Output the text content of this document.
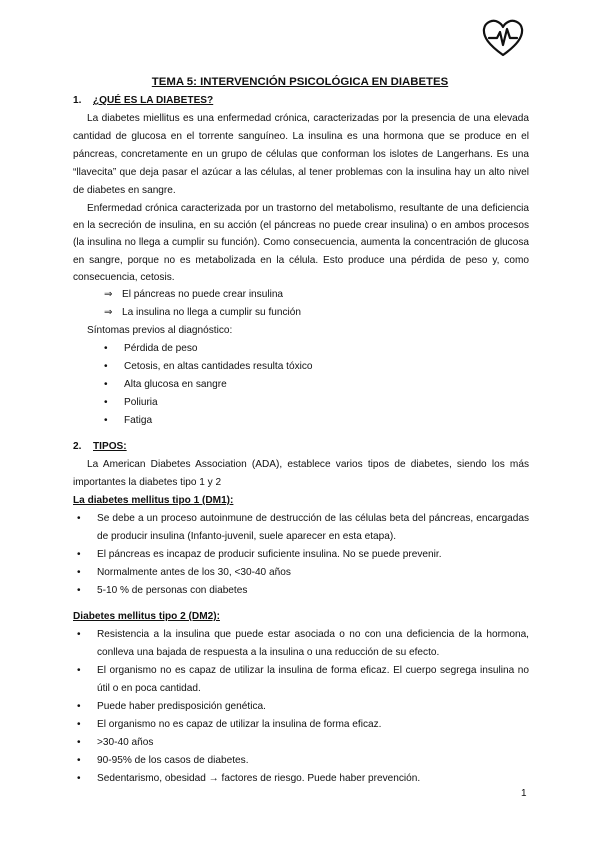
TEMA 5: INTERVENCIÓN PSICOLÓGICA EN DIABETES
1.	¿QUÉ ES LA DIABETES?

La diabetes miellitus es una enfermedad crónica, caracterizadas por la presencia de una elevada cantidad de glucosa en el torrente sanguíneo. La insulina es una hormona que se produce en el páncreas, concretamente en un grupo de células que conforman los islotes de Langerhans. Es una “llavecita” que deja pasar el azúcar a las células, al tener problemas con la insulina hay un alto nivel de diabetes en sangre.

Enfermedad crónica caracterizada por un trastorno del metabolismo, resultante de una deficiencia en la secreción de insulina, en su acción (el páncreas no puede crear insulina) o en ambos procesos (la insulina no llega a cumplir su función). Como consecuencia, aumenta la concentración de glucosa en sangre, porque no es metabolizada en la célula. Esto produce una pérdida de peso y, como consecuencia, cetosis.

⇒ El páncreas no puede crear insulina
⇒ La insulina no llega a cumplir su función
Síntomas previos al diagnóstico:
•	Pérdida de peso
•	Cetosis, en altas cantidades resulta tóxico
•	Alta glucosa en sangre
•	Poliuria
•	Fatiga
2.	TIPOS:

La American Diabetes Association (ADA), establece varios tipos de diabetes, siendo los más importantes la diabetes tipo 1 y 2

La diabetes mellitus tipo 1 (DM1):
•	Se debe a un proceso autoinmune de destrucción de las células beta del páncreas, encargadas de producir insulina (Infanto-juvenil, suele aparecer en esta etapa).
•	El páncreas es incapaz de producir suficiente insulina. No se puede prevenir.
•	Normalmente antes de los 30, <30-40 años
•	5-10 % de personas con diabetes
Diabetes mellitus tipo 2 (DM2):
•	Resistencia a la insulina que puede estar asociada o no con una deficiencia de la hormona, conlleva una bajada de respuesta a la insulina o una reducción de su efecto.
•	El organismo no es capaz de utilizar la insulina de forma eficaz. El cuerpo segrega insulina no útil o en poca cantidad.
•	Puede haber predisposición genética.
•	El organismo no es capaz de utilizar la insulina de forma eficaz.
•	>30-40 años
•	90-95% de los casos de diabetes.
•	Sedentarismo, obesidad → factores de riesgo. Puede haber prevención.
1
